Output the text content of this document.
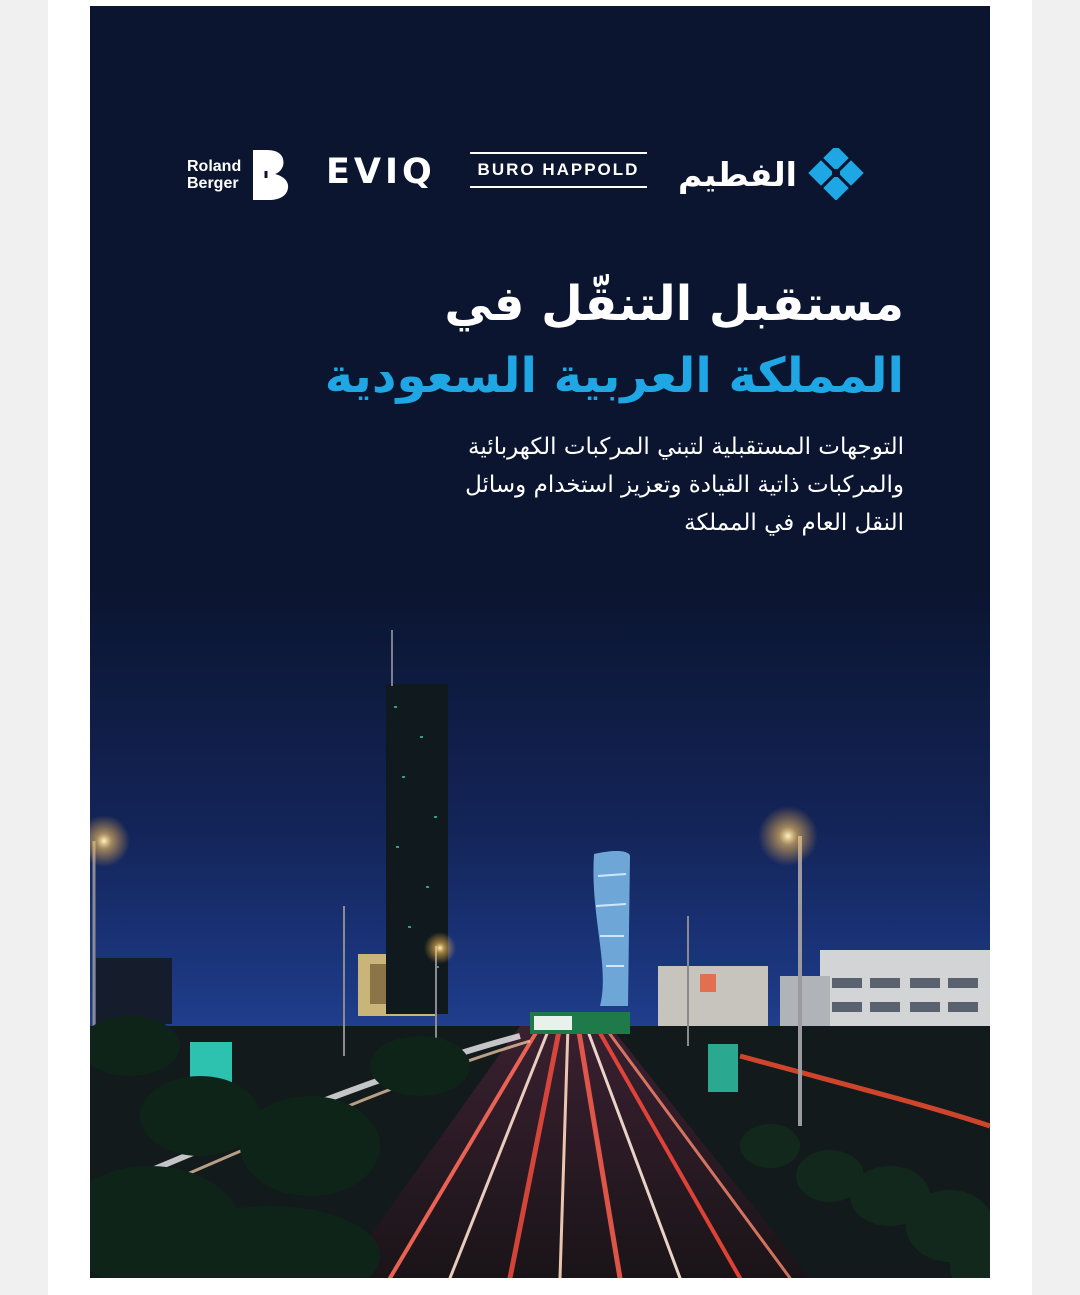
Roland
Berger EVIQ	BURO HAPPOLD الفطيم
مستقبل التنقّل في
المملكة العربية السعودية
التوجهات المستقبلية لتبني المركبات الكهربائية
والمركبات ذاتية القيادة وتعزيز استخدام وسائل
النقل العام في المملكة
